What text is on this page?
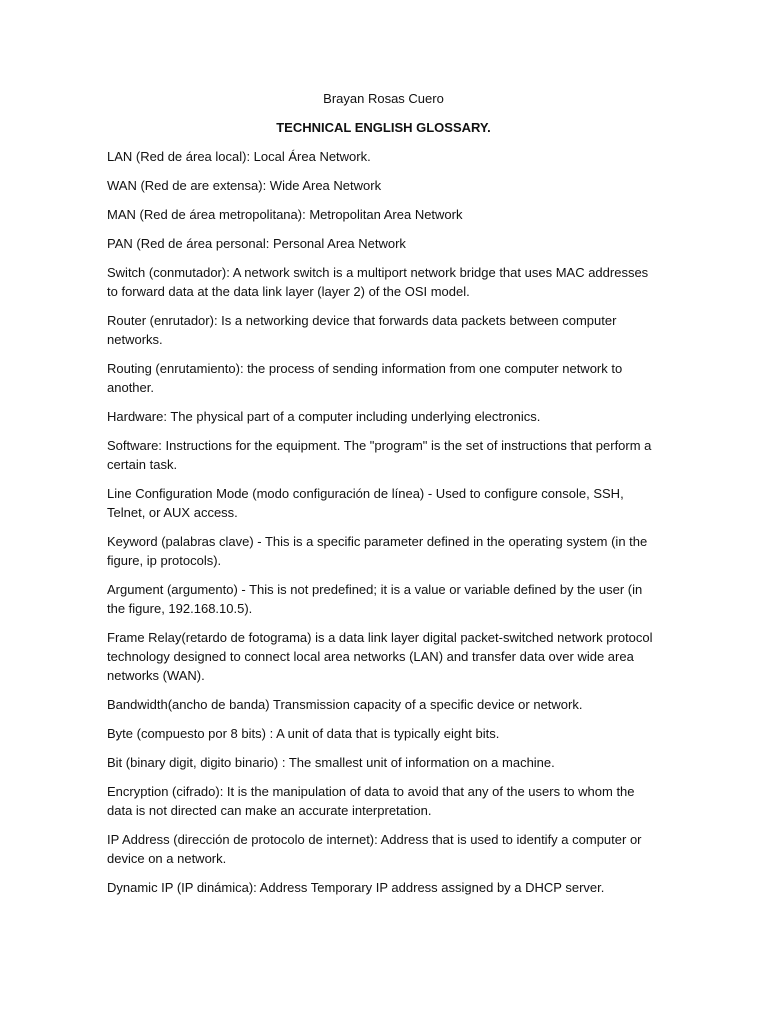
Brayan Rosas Cuero

TECHNICAL ENGLISH GLOSSARY.

LAN (Red de área local): Local Área Network.

WAN (Red de are extensa): Wide Area Network

MAN (Red de área metropolitana): Metropolitan Area Network

PAN (Red de área personal: Personal Area Network

Switch (conmutador): A network switch is a multiport network bridge that uses MAC addresses to forward data at the data link layer (layer 2) of the OSI model.

Router (enrutador): Is a networking device that forwards data packets between computer networks.

Routing (enrutamiento): the process of sending information from one computer network to another.

Hardware: The physical part of a computer including underlying electronics.

Software: Instructions for the equipment. The "program" is the set of instructions that perform a certain task.

Line Configuration Mode (modo configuración de línea) - Used to configure console, SSH, Telnet, or AUX access.

Keyword (palabras clave) - This is a specific parameter defined in the operating system (in the figure, ip protocols).

Argument (argumento) - This is not predefined; it is a value or variable defined by the user (in the figure, 192.168.10.5).

Frame Relay(retardo de fotograma) is a data link layer digital packet-switched network protocol technology designed to connect local area networks (LAN) and transfer data over wide area networks (WAN).

Bandwidth(ancho de banda) Transmission capacity of a specific device or network.

Byte (compuesto por 8 bits) : A unit of data that is typically eight bits.

Bit (binary digit, digito binario) : The smallest unit of information on a machine.

Encryption (cifrado): It is the manipulation of data to avoid that any of the users to whom the data is not directed can make an accurate interpretation.

IP Address (dirección de protocolo de internet): Address that is used to identify a computer or device on a network.

Dynamic IP (IP dinámica): Address Temporary IP address assigned by a DHCP server.
